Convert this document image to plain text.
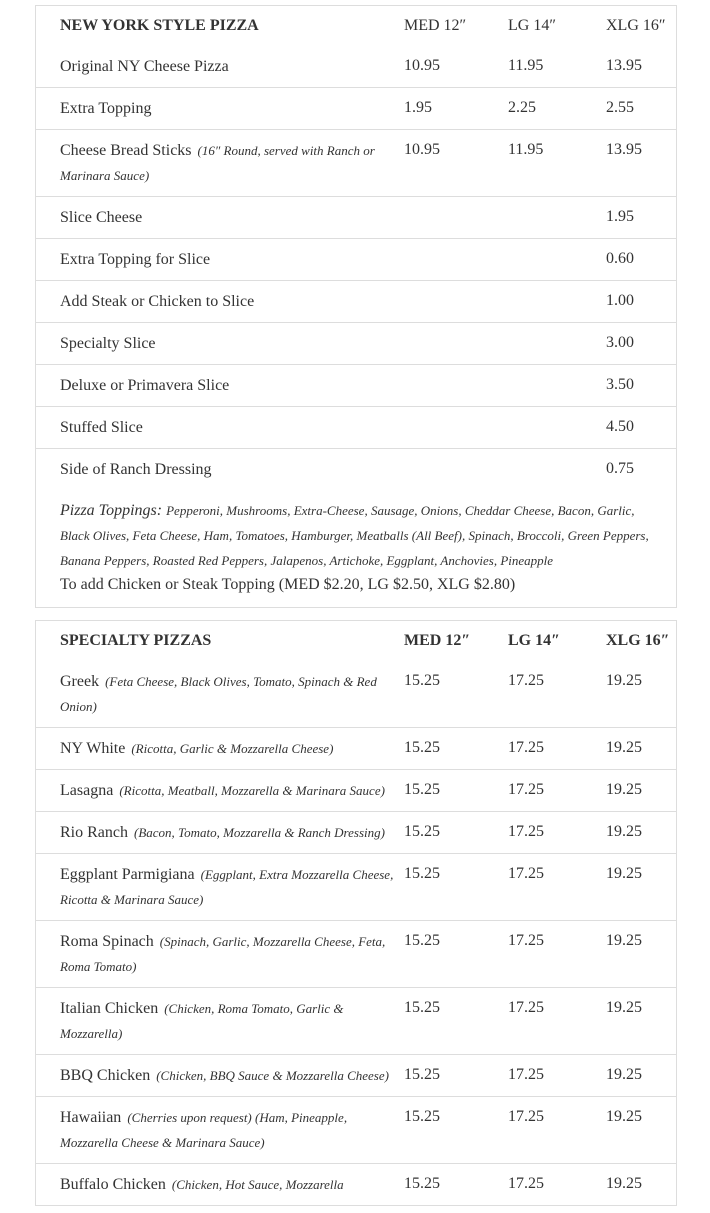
NEW YORK STYLE PIZZA	MED 12″	LG 14″	XLG 16″
Original NY Cheese Pizza	10.95	11.95	13.95
Extra Topping	1.95	2.25	2.55
Cheese Bread Sticks (16″ Round, served with Ranch or Marinara Sauce)	10.95	11.95	13.95
Slice Cheese			1.95
Extra Topping for Slice			0.60
Add Steak or Chicken to Slice			1.00
Specialty Slice			3.00
Deluxe or Primavera Slice			3.50
Stuffed Slice			4.50
Side of Ranch Dressing			0.75
Pizza Toppings: Pepperoni, Mushrooms, Extra-Cheese, Sausage, Onions, Cheddar Cheese, Bacon, Garlic, Black Olives, Feta Cheese, Ham, Tomatoes, Hamburger, Meatballs (All Beef), Spinach, Broccoli, Green Peppers, Banana Peppers, Roasted Red Peppers, Jalapenos, Artichoke, Eggplant, Anchovies, Pineapple
To add Chicken or Steak Topping (MED $2.20, LG $2.50, XLG $2.80)			
SPECIALTY PIZZAS	MED 12″	LG 14″	XLG 16″
Greek (Feta Cheese, Black Olives, Tomato, Spinach & Red Onion)	15.25	17.25	19.25
NY White (Ricotta, Garlic & Mozzarella Cheese)	15.25	17.25	19.25
Lasagna (Ricotta, Meatball, Mozzarella & Marinara Sauce)	15.25	17.25	19.25
Rio Ranch (Bacon, Tomato, Mozzarella & Ranch Dressing)	15.25	17.25	19.25
Eggplant Parmigiana (Eggplant, Extra Mozzarella Cheese, Ricotta & Marinara Sauce)	15.25	17.25	19.25
Roma Spinach (Spinach, Garlic, Mozzarella Cheese, Feta, Roma Tomato)	15.25	17.25	19.25
Italian Chicken (Chicken, Roma Tomato, Garlic & Mozzarella)	15.25	17.25	19.25
BBQ Chicken (Chicken, BBQ Sauce & Mozzarella Cheese)	15.25	17.25	19.25
Hawaiian (Cherries upon request) (Ham, Pineapple, Mozzarella Cheese & Marinara Sauce)	15.25	17.25	19.25
Buffalo Chicken (Chicken, Hot Sauce, Mozzarella	15.25	17.25	19.25
